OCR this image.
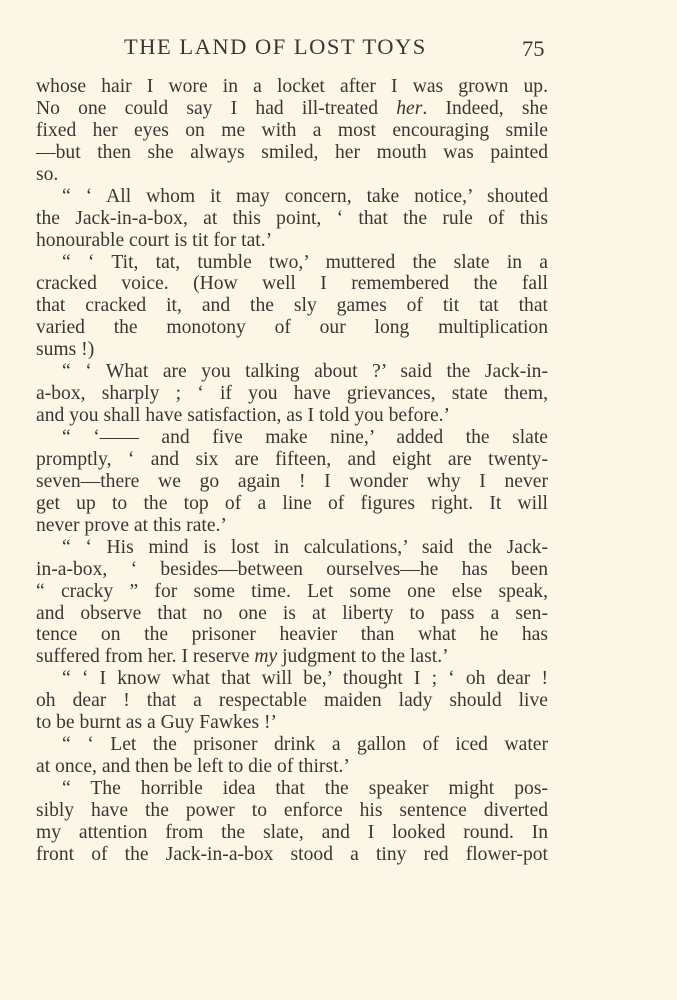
THE LAND OF LOST TOYS	75
whose hair I wore in a locket after I was grown up.
No one could say I had ill-treated her. Indeed, she
fixed her eyes on me with a most encouraging smile
—but then she always smiled, her mouth was painted
so.
“ ‘ All whom it may concern, take notice,’ shouted
the Jack-in-a-box, at this point, ‘ that the rule of this
honourable court is tit for tat.’
“ ‘ Tit, tat, tumble two,’ muttered the slate in a
cracked voice. (How well I remembered the fall
that cracked it, and the sly games of tit tat that
varied the monotony of our long multiplication
sums !)
“ ‘ What are you talking about ?’ said the Jack-in-
a-box, sharply ; ‘ if you have grievances, state them,
and you shall have satisfaction, as I told you before.’
“ ‘—— and five make nine,’ added the slate
promptly, ‘ and six are fifteen, and eight are twenty-
seven—there we go again ! I wonder why I never
get up to the top of a line of figures right. It will
never prove at this rate.’
“ ‘ His mind is lost in calculations,’ said the Jack-
in-a-box, ‘ besides—between ourselves—he has been
“ cracky ” for some time. Let some one else speak,
and observe that no one is at liberty to pass a sen-
tence on the prisoner heavier than what he has
suffered from her. I reserve my judgment to the last.’
“ ‘ I know what that will be,’ thought I ; ‘ oh dear !
oh dear ! that a respectable maiden lady should live
to be burnt as a Guy Fawkes !’
“ ‘ Let the prisoner drink a gallon of iced water
at once, and then be left to die of thirst.’
“ The horrible idea that the speaker might pos-
sibly have the power to enforce his sentence diverted
my attention from the slate, and I looked round. In
front of the Jack-in-a-box stood a tiny red flower-pot
